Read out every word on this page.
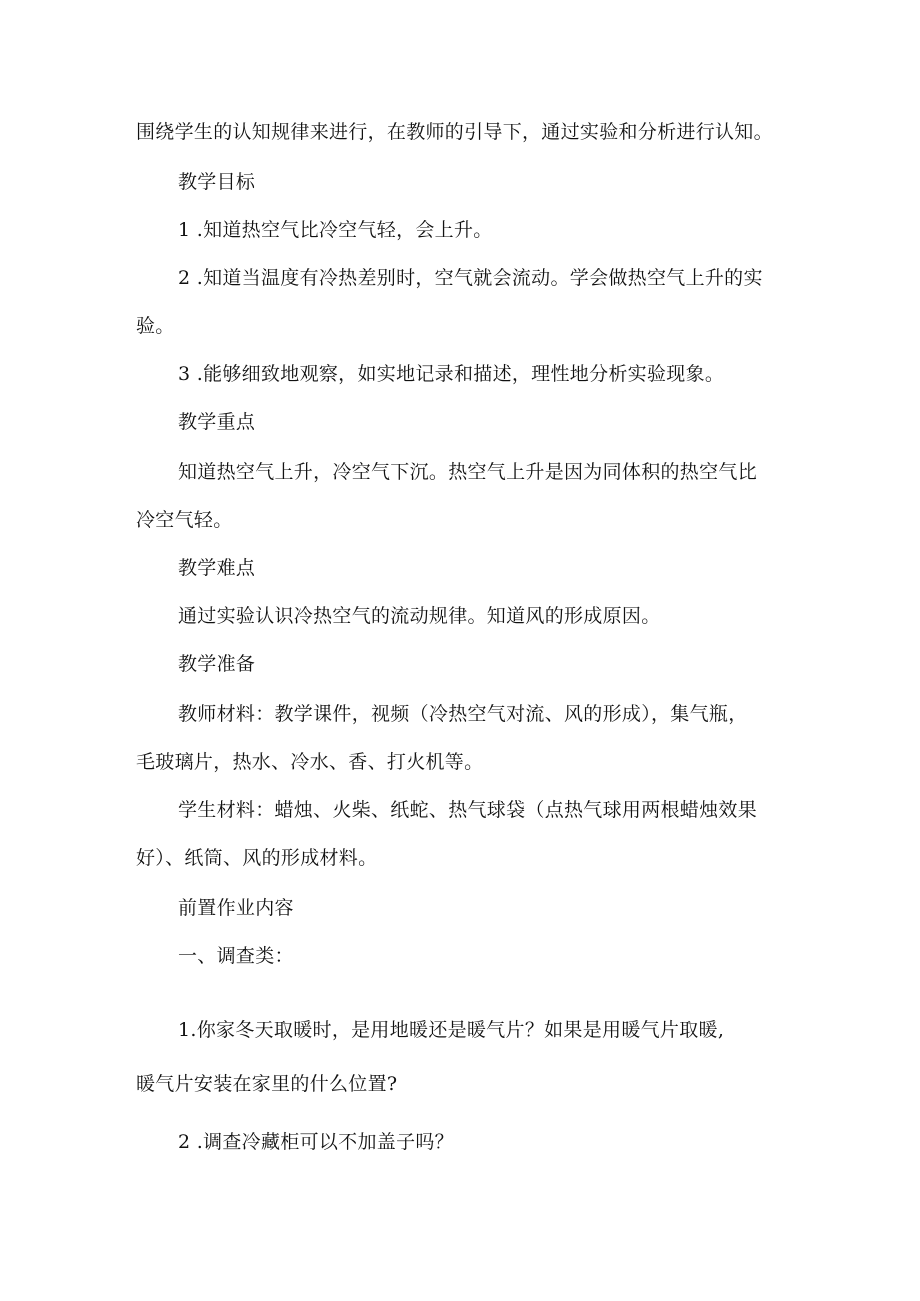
围绕学生的认知规律来进行，在教师的引导下，通过实验和分析进行认知。

教学目标

1 .知道热空气比冷空气轻，会上升。

2 .知道当温度有冷热差别时，空气就会流动。学会做热空气上升的实

验。

3 .能够细致地观察，如实地记录和描述，理性地分析实验现象。

教学重点

知道热空气上升，冷空气下沉。热空气上升是因为同体积的热空气比

冷空气轻。

教学难点

通过实验认识冷热空气的流动规律。知道风的形成原因。

教学准备

教师材料：教学课件，视频（冷热空气对流、风的形成），集气瓶，

毛玻璃片，热水、冷水、香、打火机等。

学生材料：蜡烛、火柴、纸蛇、热气球袋（点热气球用两根蜡烛效果

好）、纸筒、风的形成材料。

前置作业内容

一、调查类：

1.你家冬天取暖时，是用地暖还是暖气片？如果是用暖气片取暖,

暖气片安装在家里的什么位置?

2 .调查冷藏柜可以不加盖子吗？
